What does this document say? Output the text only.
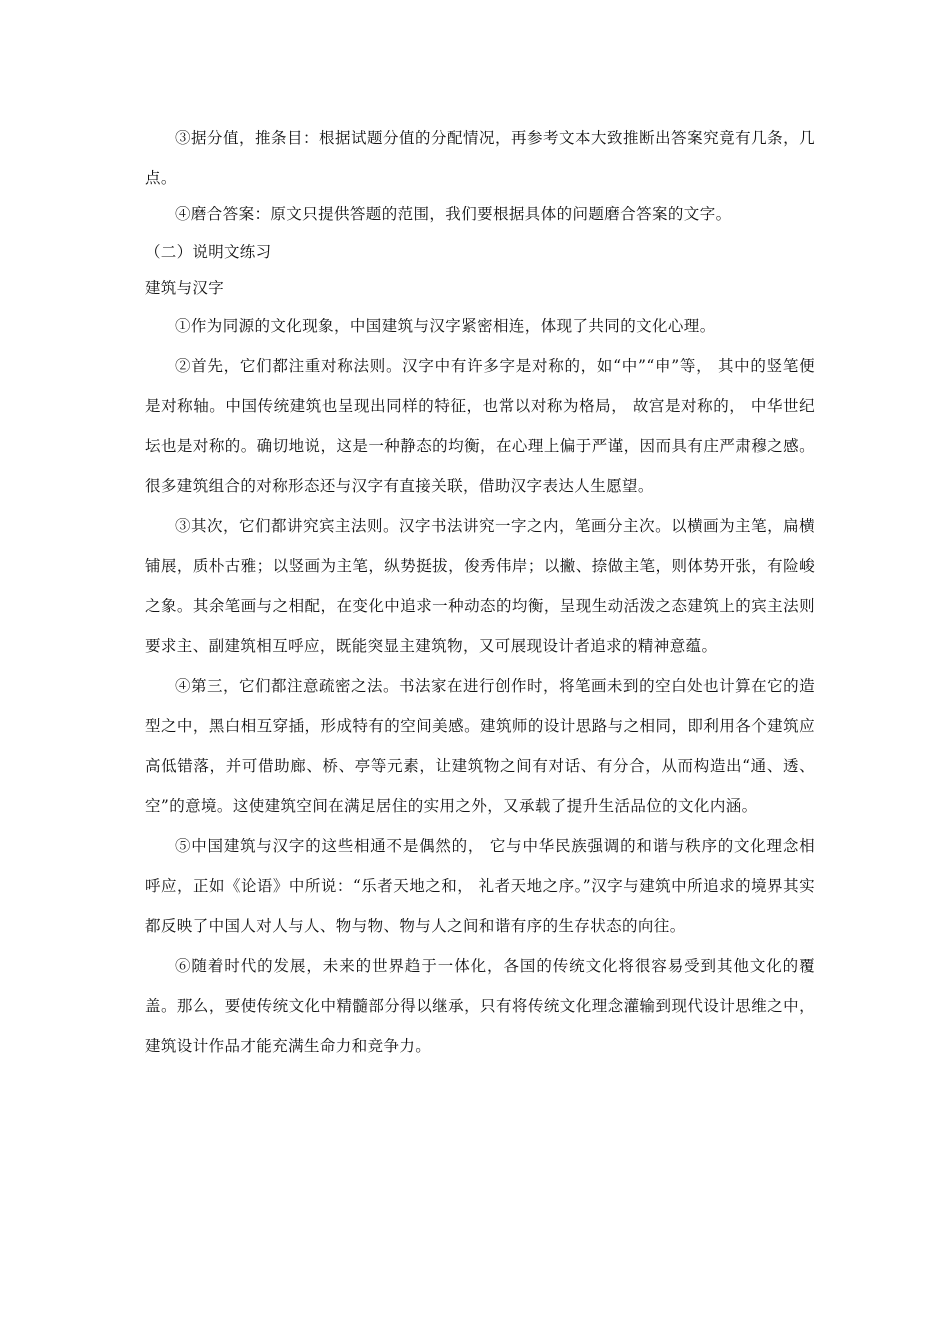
③据分值，推条目：根据试题分值的分配情况，再参考文本大致推断出答案究竟有几条，几点。

④磨合答案：原文只提供答题的范围，我们要根据具体的问题磨合答案的文字。

（二）说明文练习

建筑与汉字

①作为同源的文化现象，中国建筑与汉字紧密相连，体现了共同的文化心理。

②首先，它们都注重对称法则。汉字中有许多字是对称的，如“中”“申”等， 其中的竖笔便是对称轴。中国传统建筑也呈现出同样的特征，也常以对称为格局， 故宫是对称的， 中华世纪坛也是对称的。确切地说，这是一种静态的均衡，在心理上偏于严谨，因而具有庄严肃穆之感。很多建筑组合的对称形态还与汉字有直接关联，借助汉字表达人生愿望。

③其次，它们都讲究宾主法则。汉字书法讲究一字之内，笔画分主次。以横画为主笔，扁横铺展，质朴古雅；以竖画为主笔，纵势挺拔，俊秀伟岸；以撇、捺做主笔，则体势开张，有险峻之象。其余笔画与之相配，在变化中追求一种动态的均衡，呈现生动活泼之态建筑上的宾主法则要求主、副建筑相互呼应，既能突显主建筑物，又可展现设计者追求的精神意蕴。

④第三，它们都注意疏密之法。书法家在进行创作时，将笔画未到的空白处也计算在它的造型之中，黑白相互穿插，形成特有的空间美感。建筑师的设计思路与之相同，即利用各个建筑应高低错落，并可借助廊、桥、亭等元素，让建筑物之间有对话、有分合，从而构造出“通、透、空”的意境。这使建筑空间在满足居住的实用之外，又承载了提升生活品位的文化内涵。

⑤中国建筑与汉字的这些相通不是偶然的， 它与中华民族强调的和谐与秩序的文化理念相呼应，正如《论语》中所说：“乐者天地之和， 礼者天地之序。”汉字与建筑中所追求的境界其实都反映了中国人对人与人、物与物、物与人之间和谐有序的生存状态的向往。

⑥随着时代的发展，未来的世界趋于一体化，各国的传统文化将很容易受到其他文化的覆盖。那么，要使传统文化中精髓部分得以继承，只有将传统文化理念灌输到现代设计思维之中，建筑设计作品才能充满生命力和竞争力。
